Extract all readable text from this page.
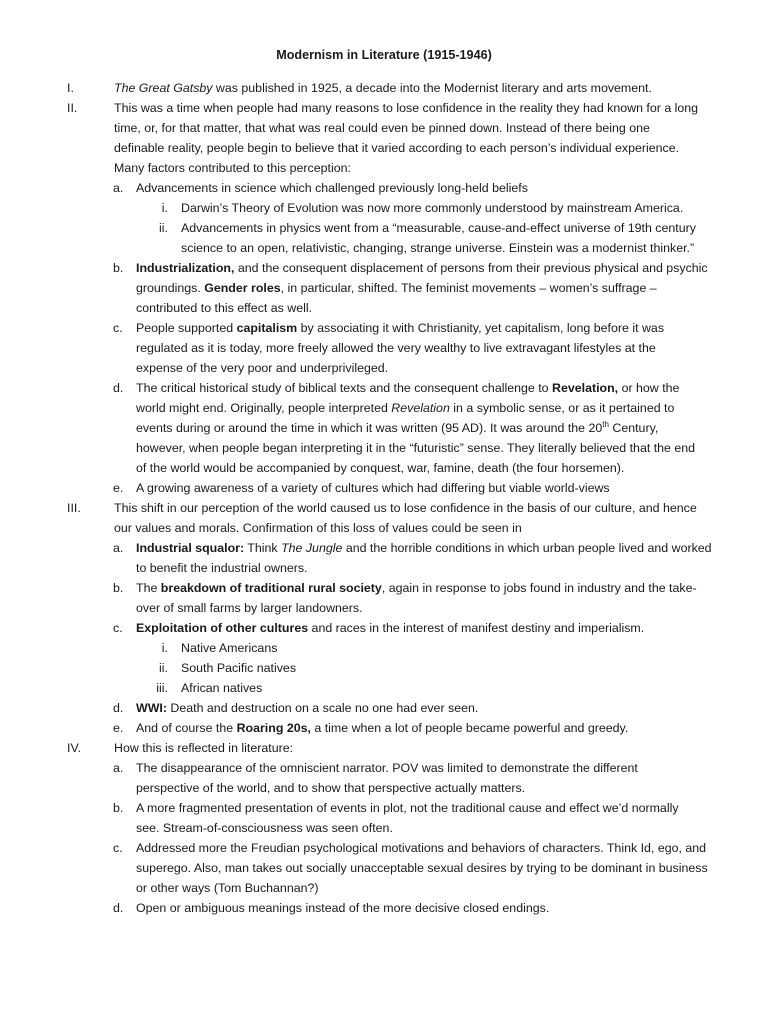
Modernism in Literature (1915-1946)
I.	The Great Gatsby was published in 1925, a decade into the Modernist literary and arts movement.
II.	This was a time when people had many reasons to lose confidence in the reality they had known for a long
time, or, for that matter, that what was real could even be pinned down. Instead of there being one
definable reality, people begin to believe that it varied according to each person’s individual experience.
Many factors contributed to this perception:
a. Advancements in science which challenged previously long-held beliefs
i. Darwin’s Theory of Evolution was now more commonly understood by mainstream America.
ii. Advancements in physics went from a “measurable, cause-and-effect universe of 19th century
science to an open, relativistic, changing, strange universe. Einstein was a modernist thinker.”
b. Industrialization, and the consequent displacement of persons from their previous physical and psychic
groundings. Gender roles, in particular, shifted. The feminist movements – women’s suffrage –
contributed to this effect as well.
c. People supported capitalism by associating it with Christianity, yet capitalism, long before it was
regulated as it is today, more freely allowed the very wealthy to live extravagant lifestyles at the
expense of the very poor and underprivileged.
d. The critical historical study of biblical texts and the consequent challenge to Revelation, or how the
world might end. Originally, people interpreted Revelation in a symbolic sense, or as it pertained to
events during or around the time in which it was written (95 AD). It was around the 20th Century,
however, when people began interpreting it in the “futuristic” sense. They literally believed that the end
of the world would be accompanied by conquest, war, famine, death (the four horsemen).
e. A growing awareness of a variety of cultures which had differing but viable world-views
III.	This shift in our perception of the world caused us to lose confidence in the basis of our culture, and hence
our values and morals. Confirmation of this loss of values could be seen in
a. Industrial squalor: Think The Jungle and the horrible conditions in which urban people lived and worked
to benefit the industrial owners.
b. The breakdown of traditional rural society, again in response to jobs found in industry and the take-
over of small farms by larger landowners.
c. Exploitation of other cultures and races in the interest of manifest destiny and imperialism.
i. Native Americans
ii. South Pacific natives
iii. African natives
d. WWI: Death and destruction on a scale no one had ever seen.
e. And of course the Roaring 20s, a time when a lot of people became powerful and greedy.
IV.	How this is reflected in literature:
a. The disappearance of the omniscient narrator. POV was limited to demonstrate the different
perspective of the world, and to show that perspective actually matters.
b. A more fragmented presentation of events in plot, not the traditional cause and effect we’d normally
see. Stream-of-consciousness was seen often.
c. Addressed more the Freudian psychological motivations and behaviors of characters. Think Id, ego, and
superego. Also, man takes out socially unacceptable sexual desires by trying to be dominant in business
or other ways (Tom Buchannan?)
d. Open or ambiguous meanings instead of the more decisive closed endings.
